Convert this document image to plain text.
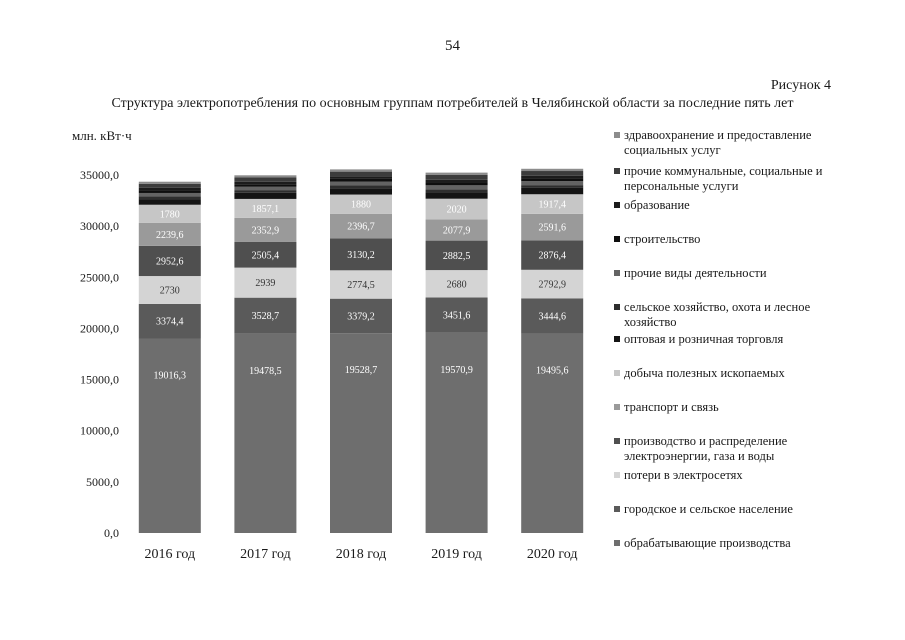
54
Рисунок 4
Структура электропотребления по основным группам потребителей в Челябинской области за последние пять лет
млн. кВт·ч
0,0
5000,0
10000,0
15000,0
20000,0
25000,0
30000,0
35000,0
19016,3
3374,4
2730
2952,6
2239,6
1780
19478,5
3528,7
2939
2505,4
2352,9
1857,1
19528,7
3379,2
2774,5
3130,2
2396,7
1880
19570,9
3451,6
2680
2882,5
2077,9
2020
19495,6
3444,6
2792,9
2876,4
2591,6
1917,4
2016 год	2017 год	2018 год	2019 год	2020 год
здравоохранение и предоставление социальных услуг
прочие коммунальные, социальные и персональные услуги
образование
строительство
прочие виды деятельности
сельское хозяйство, охота и лесное хозяйство
оптовая и розничная торговля
добыча полезных ископаемых
транспорт и связь
производство и распределение электроэнергии, газа и воды
потери в электросетях
городское и сельское население
обрабатывающие производства
